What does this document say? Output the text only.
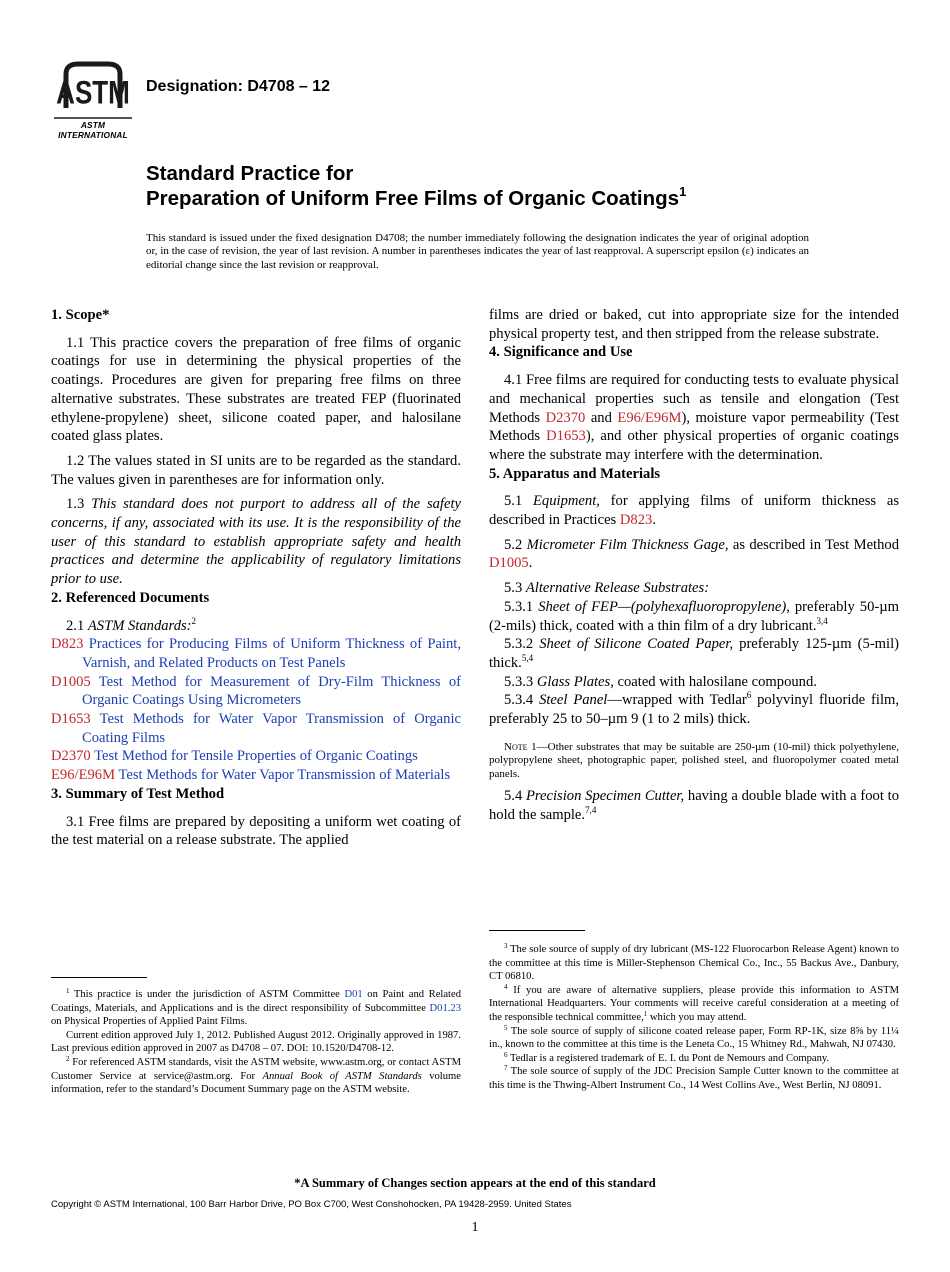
ASTM
ASTM INTERNATIONAL
Designation: D4708 – 12
Standard Practice for
Preparation of Uniform Free Films of Organic Coatings$^1$
This standard is issued under the fixed designation D4708; the number immediately following the designation indicates the year of original adoption or, in the case of revision, the year of last revision. A number in parentheses indicates the year of last reapproval. A superscript epsilon (ε) indicates an editorial change since the last revision or reapproval.
1. Scope*

1.1 This practice covers the preparation of free films of organic coatings for use in determining the physical properties of the coatings. Procedures are given for preparing free films on three alternative substrates. These substrates are treated FEP (fluorinated ethylene-propylene) sheet, silicone coated paper, and halosilane coated glass plates.

1.2 The values stated in SI units are to be regarded as the standard. The values given in parentheses are for information only.

1.3 This standard does not purport to address all of the safety concerns, if any, associated with its use. It is the responsibility of the user of this standard to establish appropriate safety and health practices and determine the applicability of regulatory limitations prior to use.

2. Referenced Documents

2.1 ASTM Standards:$^2$

D823 Practices for Producing Films of Uniform Thickness of Paint, Varnish, and Related Products on Test Panels
D1005 Test Method for Measurement of Dry-Film Thickness of Organic Coatings Using Micrometers
D1653 Test Methods for Water Vapor Transmission of Organic Coating Films
D2370 Test Method for Tensile Properties of Organic Coatings
E96/E96M Test Methods for Water Vapor Transmission of Materials
3. Summary of Test Method

3.1 Free films are prepared by depositing a uniform wet coating of the test material on a release substrate. The applied

$^1$ This practice is under the jurisdiction of ASTM Committee D01 on Paint and Related Coatings, Materials, and Applications and is the direct responsibility of Subcommittee D01.23 on Physical Properties of Applied Paint Films.

Current edition approved July 1, 2012. Published August 2012. Originally approved in 1987. Last previous edition approved in 2007 as D4708 – 07. DOI: 10.1520/D4708-12.

$^2$ For referenced ASTM standards, visit the ASTM website, www.astm.org, or contact ASTM Customer Service at service@astm.org. For Annual Book of ASTM Standards volume information, refer to the standard’s Document Summary page on the ASTM website.

films are dried or baked, cut into appropriate size for the intended physical property test, and then stripped from the release substrate.

4. Significance and Use

4.1 Free films are required for conducting tests to evaluate physical and mechanical properties such as tensile and elongation (Test Methods D2370 and E96/E96M), moisture vapor permeability (Test Methods D1653), and other physical properties of organic coatings where the substrate may interfere with the determination.

5. Apparatus and Materials

5.1 Equipment, for applying films of uniform thickness as described in Practices D823.

5.2 Micrometer Film Thickness Gage, as described in Test Method D1005.

5.3 Alternative Release Substrates:

5.3.1 Sheet of FEP—(polyhexafluoropropylene), preferably 50-µm (2-mils) thick, coated with a thin film of a dry lubricant.$^{3,4}$

5.3.2 Sheet of Silicone Coated Paper, preferably 125-µm (5-mil) thick.$^{5,4}$

5.3.3 Glass Plates, coated with halosilane compound.

5.3.4 Steel Panel—wrapped with Tedlar$^6$ polyvinyl fluoride film, preferably 25 to 50–µm 9 (1 to 2 mils) thick.

Note 1—Other substrates that may be suitable are 250-µm (10-mil) thick polyethylene, polypropylene sheet, photographic paper, polished steel, and fluoropolymer coated metal panels.

5.4 Precision Specimen Cutter, having a double blade with a foot to hold the sample.$^{7,4}$

$^3$ The sole source of supply of dry lubricant (MS-122 Fluorocarbon Release Agent) known to the committee at this time is Miller-Stephenson Chemical Co., Inc., 55 Backus Ave., Danbury, CT 06810.

$^4$ If you are aware of alternative suppliers, please provide this information to ASTM International Headquarters. Your comments will receive careful consideration at a meeting of the responsible technical committee,$^1$ which you may attend.

$^5$ The sole source of supply of silicone coated release paper, Form RP-1K, size 8⅝ by 11¼ in., known to the committee at this time is the Leneta Co., 15 Whitney Rd., Mahwah, NJ 07430.

$^6$ Tedlar is a registered trademark of E. I. du Pont de Nemours and Company.

$^7$ The sole source of supply of the JDC Precision Sample Cutter known to the committee at this time is the Thwing-Albert Instrument Co., 14 West Collins Ave., West Berlin, NJ 08091.

*A Summary of Changes section appears at the end of this standard
Copyright © ASTM International, 100 Barr Harbor Drive, PO Box C700, West Conshohocken, PA 19428-2959. United States
1
